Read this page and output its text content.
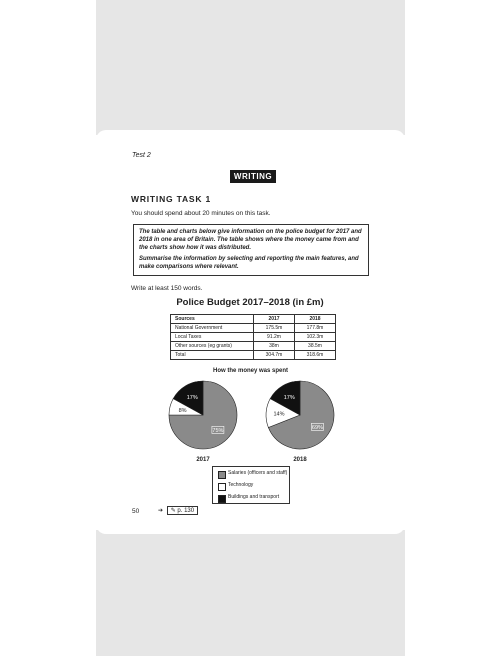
Test 2
WRITING
WRITING TASK 1
You should spend about 20 minutes on this task.

The table and charts below give information on the police budget for 2017 and 2018 in one area of Britain. The table shows where the money came from and the charts show how it was distributed.

Summarise the information by selecting and reporting the main features, and make comparisons where relevant.

Write at least 150 words.
Police Budget 2017–2018 (in £m)
Sources	2017	2018
National Government	175.5m	177.8m
Local Taxes	91.2m	102.3m
Other sources (eg grants)	38m	38.5m
Total	304.7m	318.6m
How the money was spent
75%
8%
17%
2017
69%
14%
17%
2018
50	➔ ✎ p. 130
Salaries (officers and staff)
Technology
Buildings and transport
